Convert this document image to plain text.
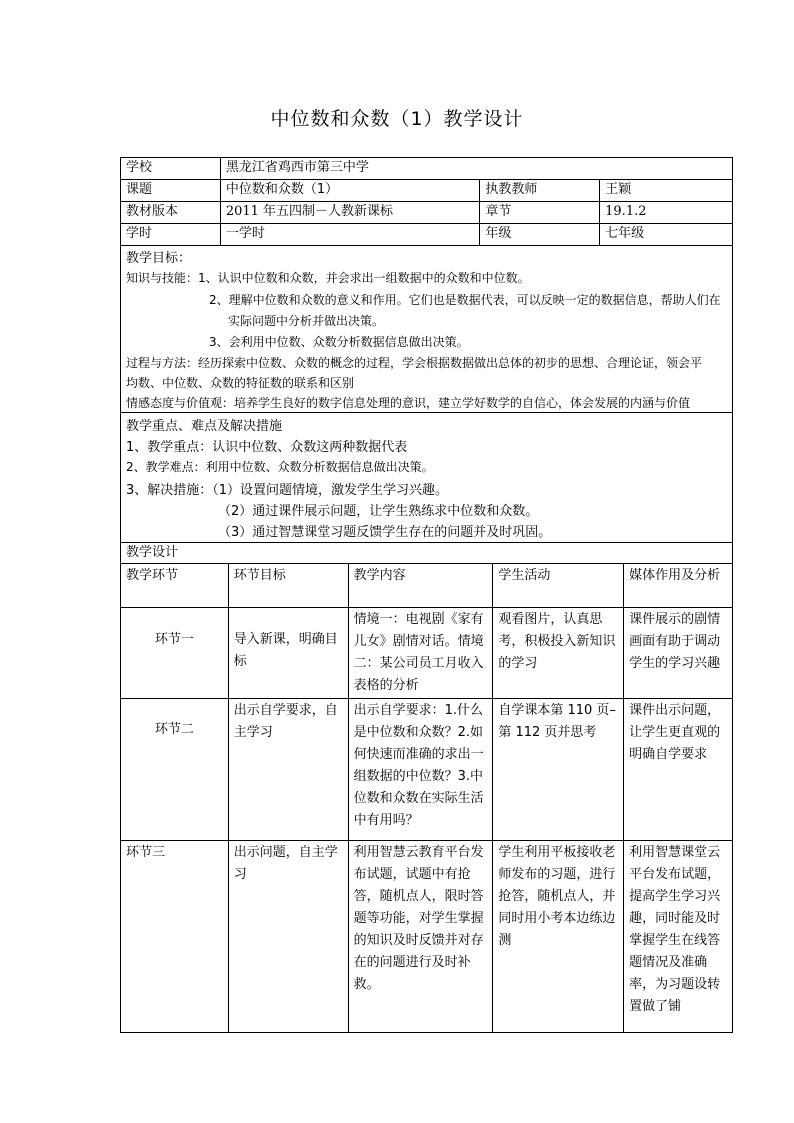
中位数和众数（1）教学设计
学校	黑龙江省鸡西市第三中学		
课题	中位数和众数（1）	执教教师	王颖
教材版本	2011 年五四制－人教新课标	章节	19.1.2
学时	一学时	年级	七年级
教学目标：
知识与技能：1、认识中位数和众数，并会求出一组数据中的众数和中位数。
2、理解中位数和众数的意义和作用。它们也是数据代表，可以反映一定的数据信息，帮助人们在
实际问题中分析并做出决策。
3、会利用中位数、众数分析数据信息做出决策。
过程与方法：经历探索中位数、众数的概念的过程，学会根据数据做出总体的初步的思想、合理论证，领会平
均数、中位数、众数的特征数的联系和区别
情感态度与价值观：培养学生良好的数字信息处理的意识，建立学好数学的自信心，体会发展的内涵与价值
教学重点、难点及解决措施
1、教学重点：认识中位数、众数这两种数据代表
2、教学难点：利用中位数、众数分析数据信息做出决策。
3、解决措施：（1）设置问题情境，激发学生学习兴趣。
（2）通过课件展示问题，让学生熟练求中位数和众数。
（3）通过智慧课堂习题反馈学生存在的问题并及时巩固。
教学设计
教学环节	环节目标	教学内容	学生活动	媒体作用及分析
环节一	导入新课，明确目标	情境一：电视剧《家有儿女》剧情对话。情境二：某公司员工月收入表格的分析	观看图片，认真思考，积极投入新知识的学习	课件展示的剧情画面有助于调动学生的学习兴趣
环节二	出示自学要求，自主学习	出示自学要求：1.什么是中位数和众数？2.如何快速而准确的求出一组数据的中位数？3.中位数和众数在实际生活中有用吗？	自学课本第 110 页–第 112 页并思考	课件出示问题，让学生更直观的明确自学要求
环节三	出示问题，自主学习	利用智慧云教育平台发布试题，试题中有抢答，随机点人，限时答题等功能，对学生掌握的知识及时反馈并对存在的问题进行及时补救。	学生利用平板接收老师发布的习题，进行抢答，随机点人，并同时用小考本边练边测	利用智慧课堂云平台发布试题，提高学生学习兴趣，同时能及时掌握学生在线答题情况及准确率，为习题设转置做了铺
